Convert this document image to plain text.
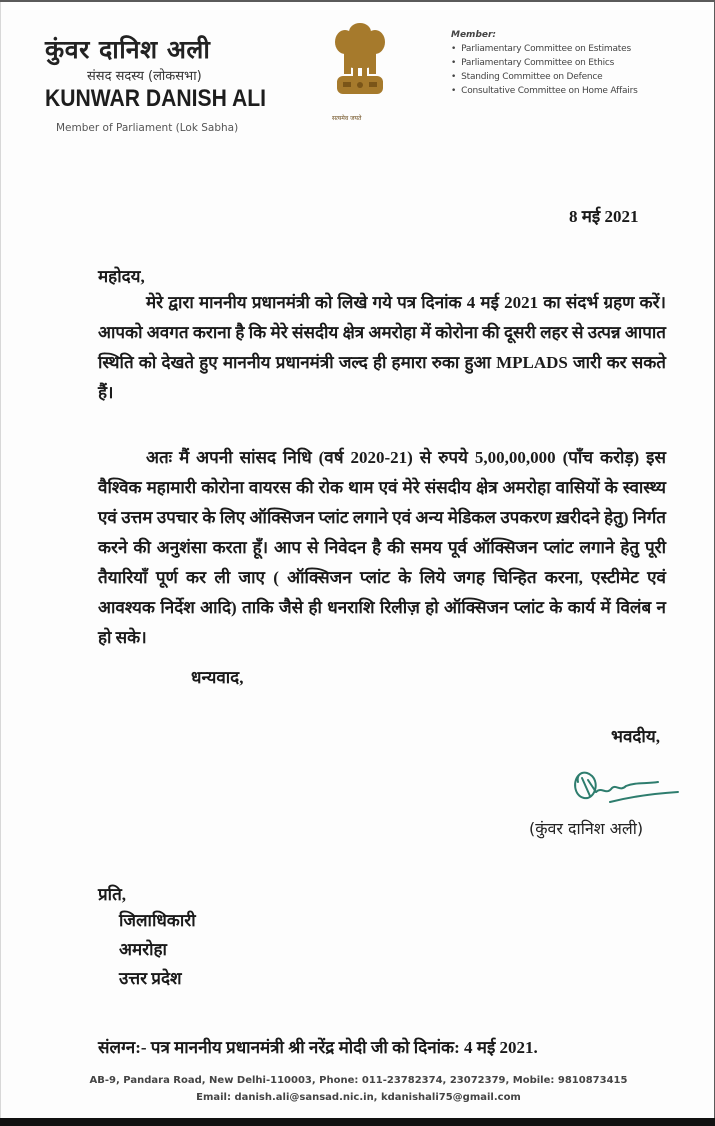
कुंवर दानिश अली
संसद सदस्य (लोकसभा)
KUNWAR DANISH ALI
Member of Parliament (Lok Sabha)
सत्यमेव जयते
Member:
• Parliamentary Committee on Estimates
• Parliamentary Committee on Ethics
• Standing Committee on Defence
• Consultative Committee on Home Affairs
8 मई 2021
महोदय,
मेरे द्वारा माननीय प्रधानमंत्री को लिखे गये पत्र दिनांक 4 मई 2021 का संदर्भ ग्रहण करें। आपको अवगत कराना है कि मेरे संसदीय क्षेत्र अमरोहा में कोरोना की दूसरी लहर से उत्पन्न आपात स्थिति को देखते हुए माननीय प्रधानमंत्री जल्द ही हमारा रुका हुआ MPLADS जारी कर सकते हैं।
अतः मैं अपनी सांसद निधि (वर्ष 2020-21) से रुपये 5,00,00,000 (पाँच करोड़) इस वैश्विक महामारी कोरोना वायरस की रोक थाम एवं मेरे संसदीय क्षेत्र अमरोहा वासियों के स्वास्थ्य एवं उत्तम उपचार के लिए ऑक्सिजन प्लांट लगाने एवं अन्य मेडिकल उपकरण ख़रीदने हेतु) निर्गत करने की अनुशंसा करता हूँ। आप से निवेदन है की समय पूर्व ऑक्सिजन प्लांट लगाने हेतु पूरी तैयारियाँ पूर्ण कर ली जाए ( ऑक्सिजन प्लांट के लिये जगह चिन्हित करना, एस्टीमेट एवं आवश्यक निर्देश आदि) ताकि जैसे ही धनराशि रिलीज़ हो ऑक्सिजन प्लांट के कार्य में विलंब न हो सके।
धन्यवाद,
भवदीय,
(कुंवर दानिश अली)
प्रति,
जिलाधिकारी
अमरोहा
उत्तर प्रदेश
संलग्न:- पत्र माननीय प्रधानमंत्री श्री नरेंद्र मोदी जी को दिनांक: 4 मई 2021.
AB-9, Pandara Road, New Delhi-110003, Phone: 011-23782374, 23072379, Mobile: 9810873415
Email: danish.ali@sansad.nic.in, kdanishali75@gmail.com
